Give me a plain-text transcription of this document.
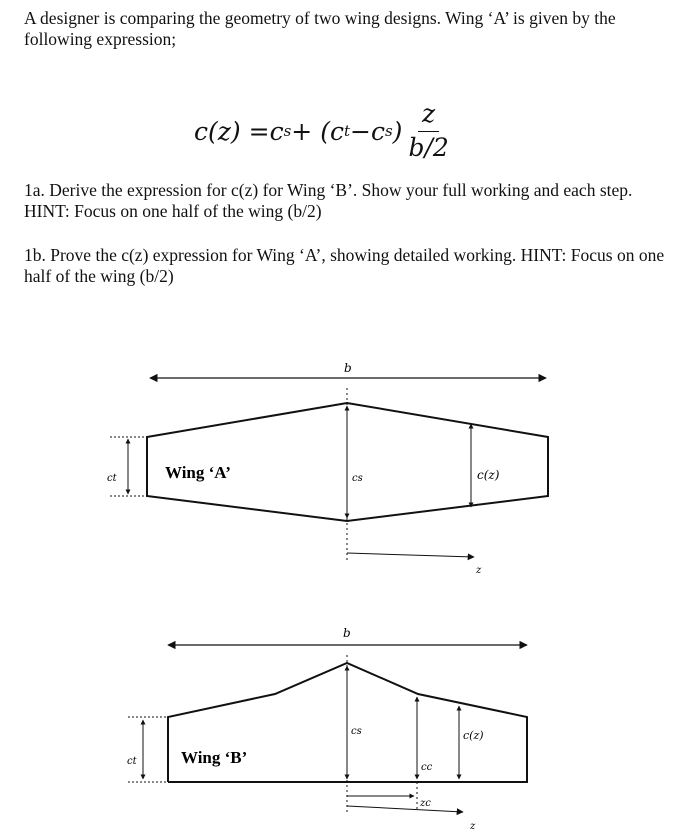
A designer is comparing the geometry of two wing designs. Wing ‘A’ is given by the following expression;

c(z) = c s + ( c t − c s ) $\frac{z}{b/2}$

1a. Derive the expression for c(z) for Wing ‘B’. Show your full working and each step. HINT: Focus on one half of the wing (b/2)

1b. Prove the c(z) expression for Wing ‘A’, showing detailed working. HINT: Focus on one half of the wing (b/2)

b
cs	c(z)
ct	Wing ‘A’
z
b
cs
cc
c(z)
ct	Wing ‘B’
zc
z
